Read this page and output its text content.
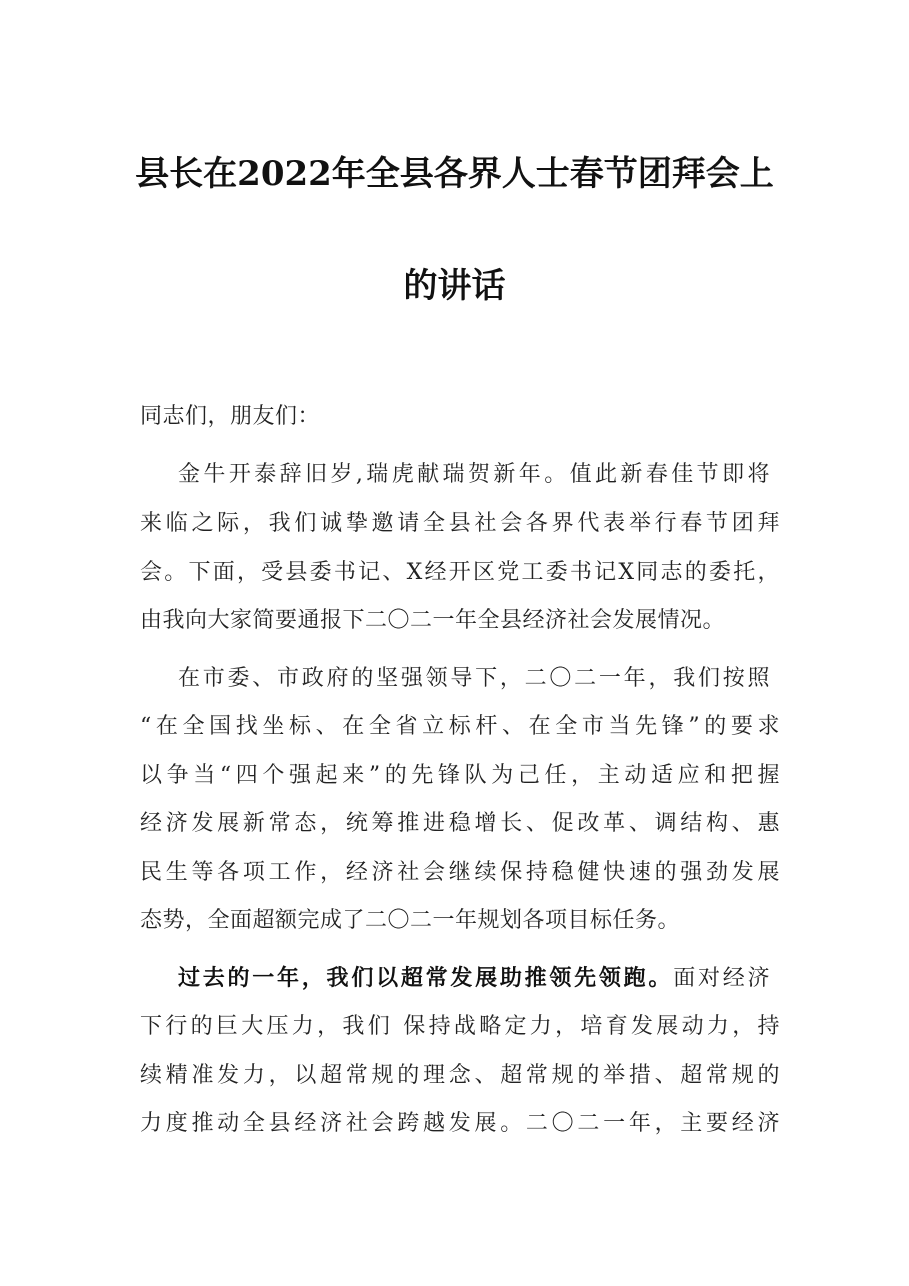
县长在2022年全县各界人士春节团拜会上
的讲话
同志们，朋友们：
金牛开泰辞旧岁,瑞虎献瑞贺新年。值此新春佳节即将
来临之际，我们诚挚邀请全县社会各界代表举行春节团拜
会。下面，受县委书记、X经开区党工委书记X同志的委托，
由我向大家简要通报下二〇二一年全县经济社会发展情况。
在市委、市政府的坚强领导下，二〇二一年，我们按照
“在全国找坐标、在全省立标杆、在全市当先锋”的要求
以争当“四个强起来”的先锋队为己任，主动适应和把握
经济发展新常态，统筹推进稳增长、促改革、调结构、惠
民生等各项工作，经济社会继续保持稳健快速的强劲发展
态势，全面超额完成了二〇二一年规划各项目标任务。
过去的一年，我们以超常发展助推领先领跑。面对经济
下行的巨大压力，我们 保持战略定力，培育发展动力，持
续精准发力，以超常规的理念、超常规的举措、超常规的
力度推动全县经济社会跨越发展。二〇二一年，主要经济
